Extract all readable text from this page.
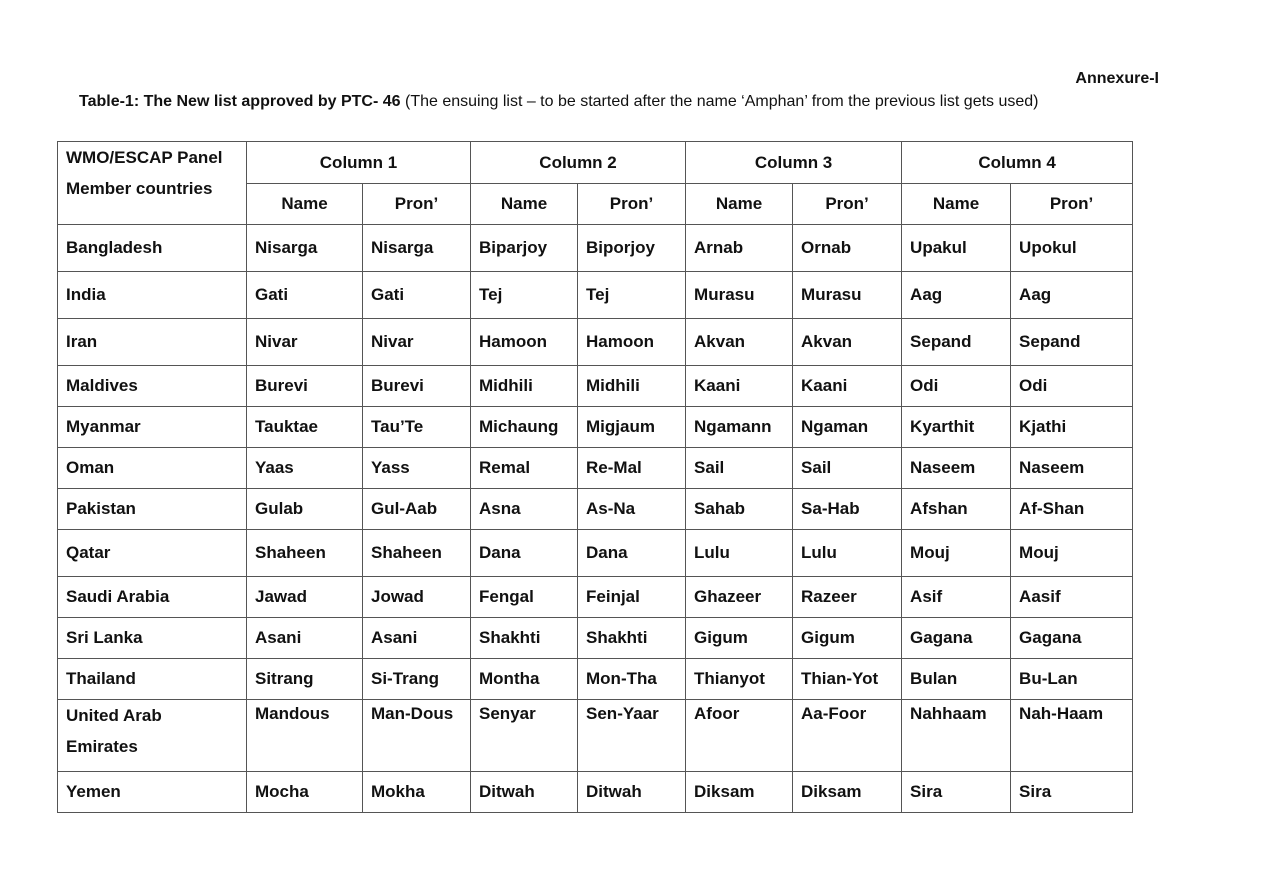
Annexure-I
Table-1: The New list approved by PTC- 46 (The ensuing list – to be started after the name ‘Amphan’ from the previous list gets used)
WMO/ESCAP Panel
Member countries	Column 1		Column 2		Column 3		Column 4	
	Name	Pron’	Name	Pron’	Name	Pron’	Name	Pron’
Bangladesh	Nisarga	Nisarga	Biparjoy	Biporjoy	Arnab	Ornab	Upakul	Upokul
India	Gati	Gati	Tej	Tej	Murasu	Murasu	Aag	Aag
Iran	Nivar	Nivar	Hamoon	Hamoon	Akvan	Akvan	Sepand	Sepand
Maldives	Burevi	Burevi	Midhili	Midhili	Kaani	Kaani	Odi	Odi
Myanmar	Tauktae	Tau’Te	Michaung	Migjaum	Ngamann	Ngaman	Kyarthit	Kjathi
Oman	Yaas	Yass	Remal	Re-Mal	Sail	Sail	Naseem	Naseem
Pakistan	Gulab	Gul-Aab	Asna	As-Na	Sahab	Sa-Hab	Afshan	Af-Shan
Qatar	Shaheen	Shaheen	Dana	Dana	Lulu	Lulu	Mouj	Mouj
Saudi Arabia	Jawad	Jowad	Fengal	Feinjal	Ghazeer	Razeer	Asif	Aasif
Sri Lanka	Asani	Asani	Shakhti	Shakhti	Gigum	Gigum	Gagana	Gagana
Thailand	Sitrang	Si-Trang	Montha	Mon-Tha	Thianyot	Thian-Yot	Bulan	Bu-Lan
United Arab
Emirates	Mandous	Man-Dous	Senyar	Sen-Yaar	Afoor	Aa-Foor	Nahhaam	Nah-Haam
Yemen	Mocha	Mokha	Ditwah	Ditwah	Diksam	Diksam	Sira	Sira
